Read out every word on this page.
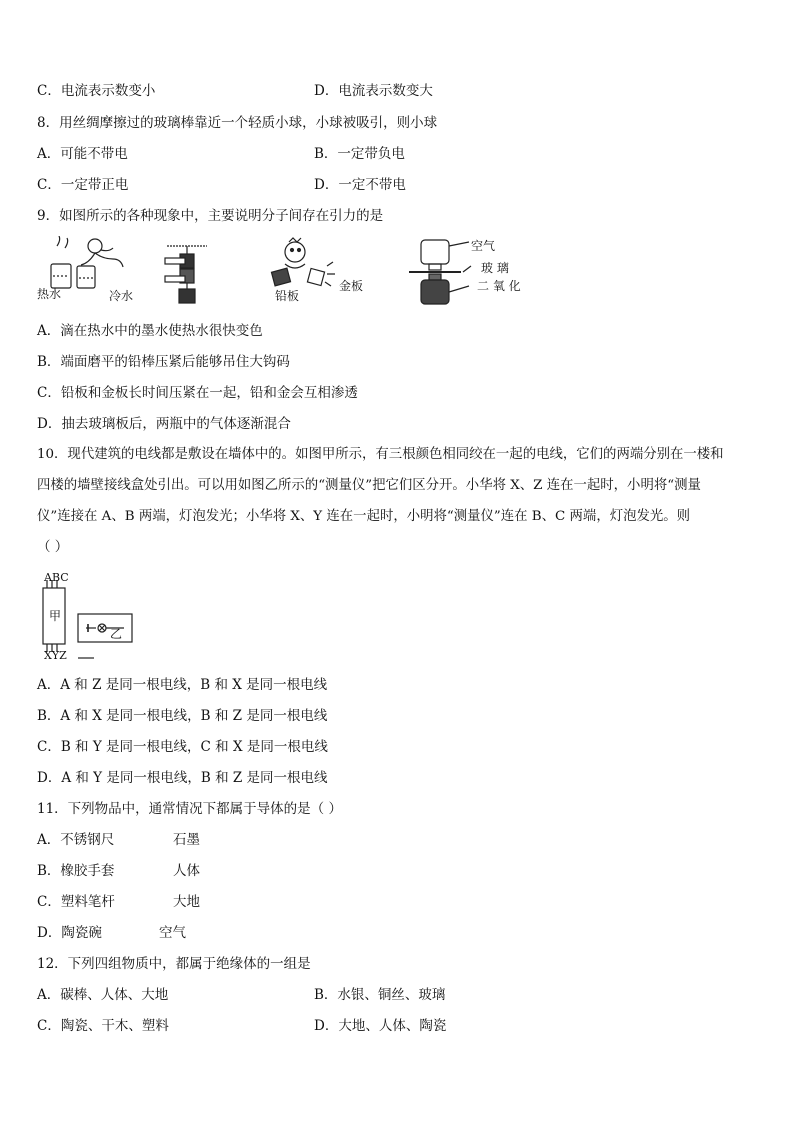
C．电流表示数变小	D．电流表示数变大
8．用丝绸摩擦过的玻璃棒靠近一个轻质小球，小球被吸引，则小球
A．可能不带电	B．一定带负电
C．一定带正电	D．一定不带电
9．如图所示的各种现象中，主要说明分子间存在引力的是
热水	冷水	铅板
金板
空气
玻 璃
二 氧 化
A．滴在热水中的墨水使热水很快变色
B．端面磨平的铅棒压紧后能够吊住大钩码
C．铅板和金板长时间压紧在一起，铅和金会互相渗透
D．抽去玻璃板后，两瓶中的气体逐渐混合
10．现代建筑的电线都是敷设在墙体中的。如图甲所示，有三根颜色相同绞在一起的电线，它们的两端分别在一楼和
四楼的墙壁接线盒处引出。可以用如图乙所示的“测量仪”把它们区分开。小华将 X、Z 连在一起时，小明将“测量
仪”连接在 A、B 两端，灯泡发光；小华将 X、Y 连在一起时，小明将“测量仪”连在 B、C 两端，灯泡发光。则
（ ）
ABC
甲
乙
XYZ
A．A 和 Z 是同一根电线，B 和 X 是同一根电线
B．A 和 X 是同一根电线，B 和 Z 是同一根电线
C．B 和 Y 是同一根电线，C 和 X 是同一根电线
D．A 和 Y 是同一根电线，B 和 Z 是同一根电线
11．下列物品中，通常情况下都属于导体的是（ ）
A．不锈钢尺	石墨
B．橡胶手套	人体
C．塑料笔杆	大地
D．陶瓷碗	空气
12．下列四组物质中，都属于绝缘体的一组是
A．碳棒、人体、大地	B．水银、铜丝、玻璃
C．陶瓷、干木、塑料	D．大地、人体、陶瓷
